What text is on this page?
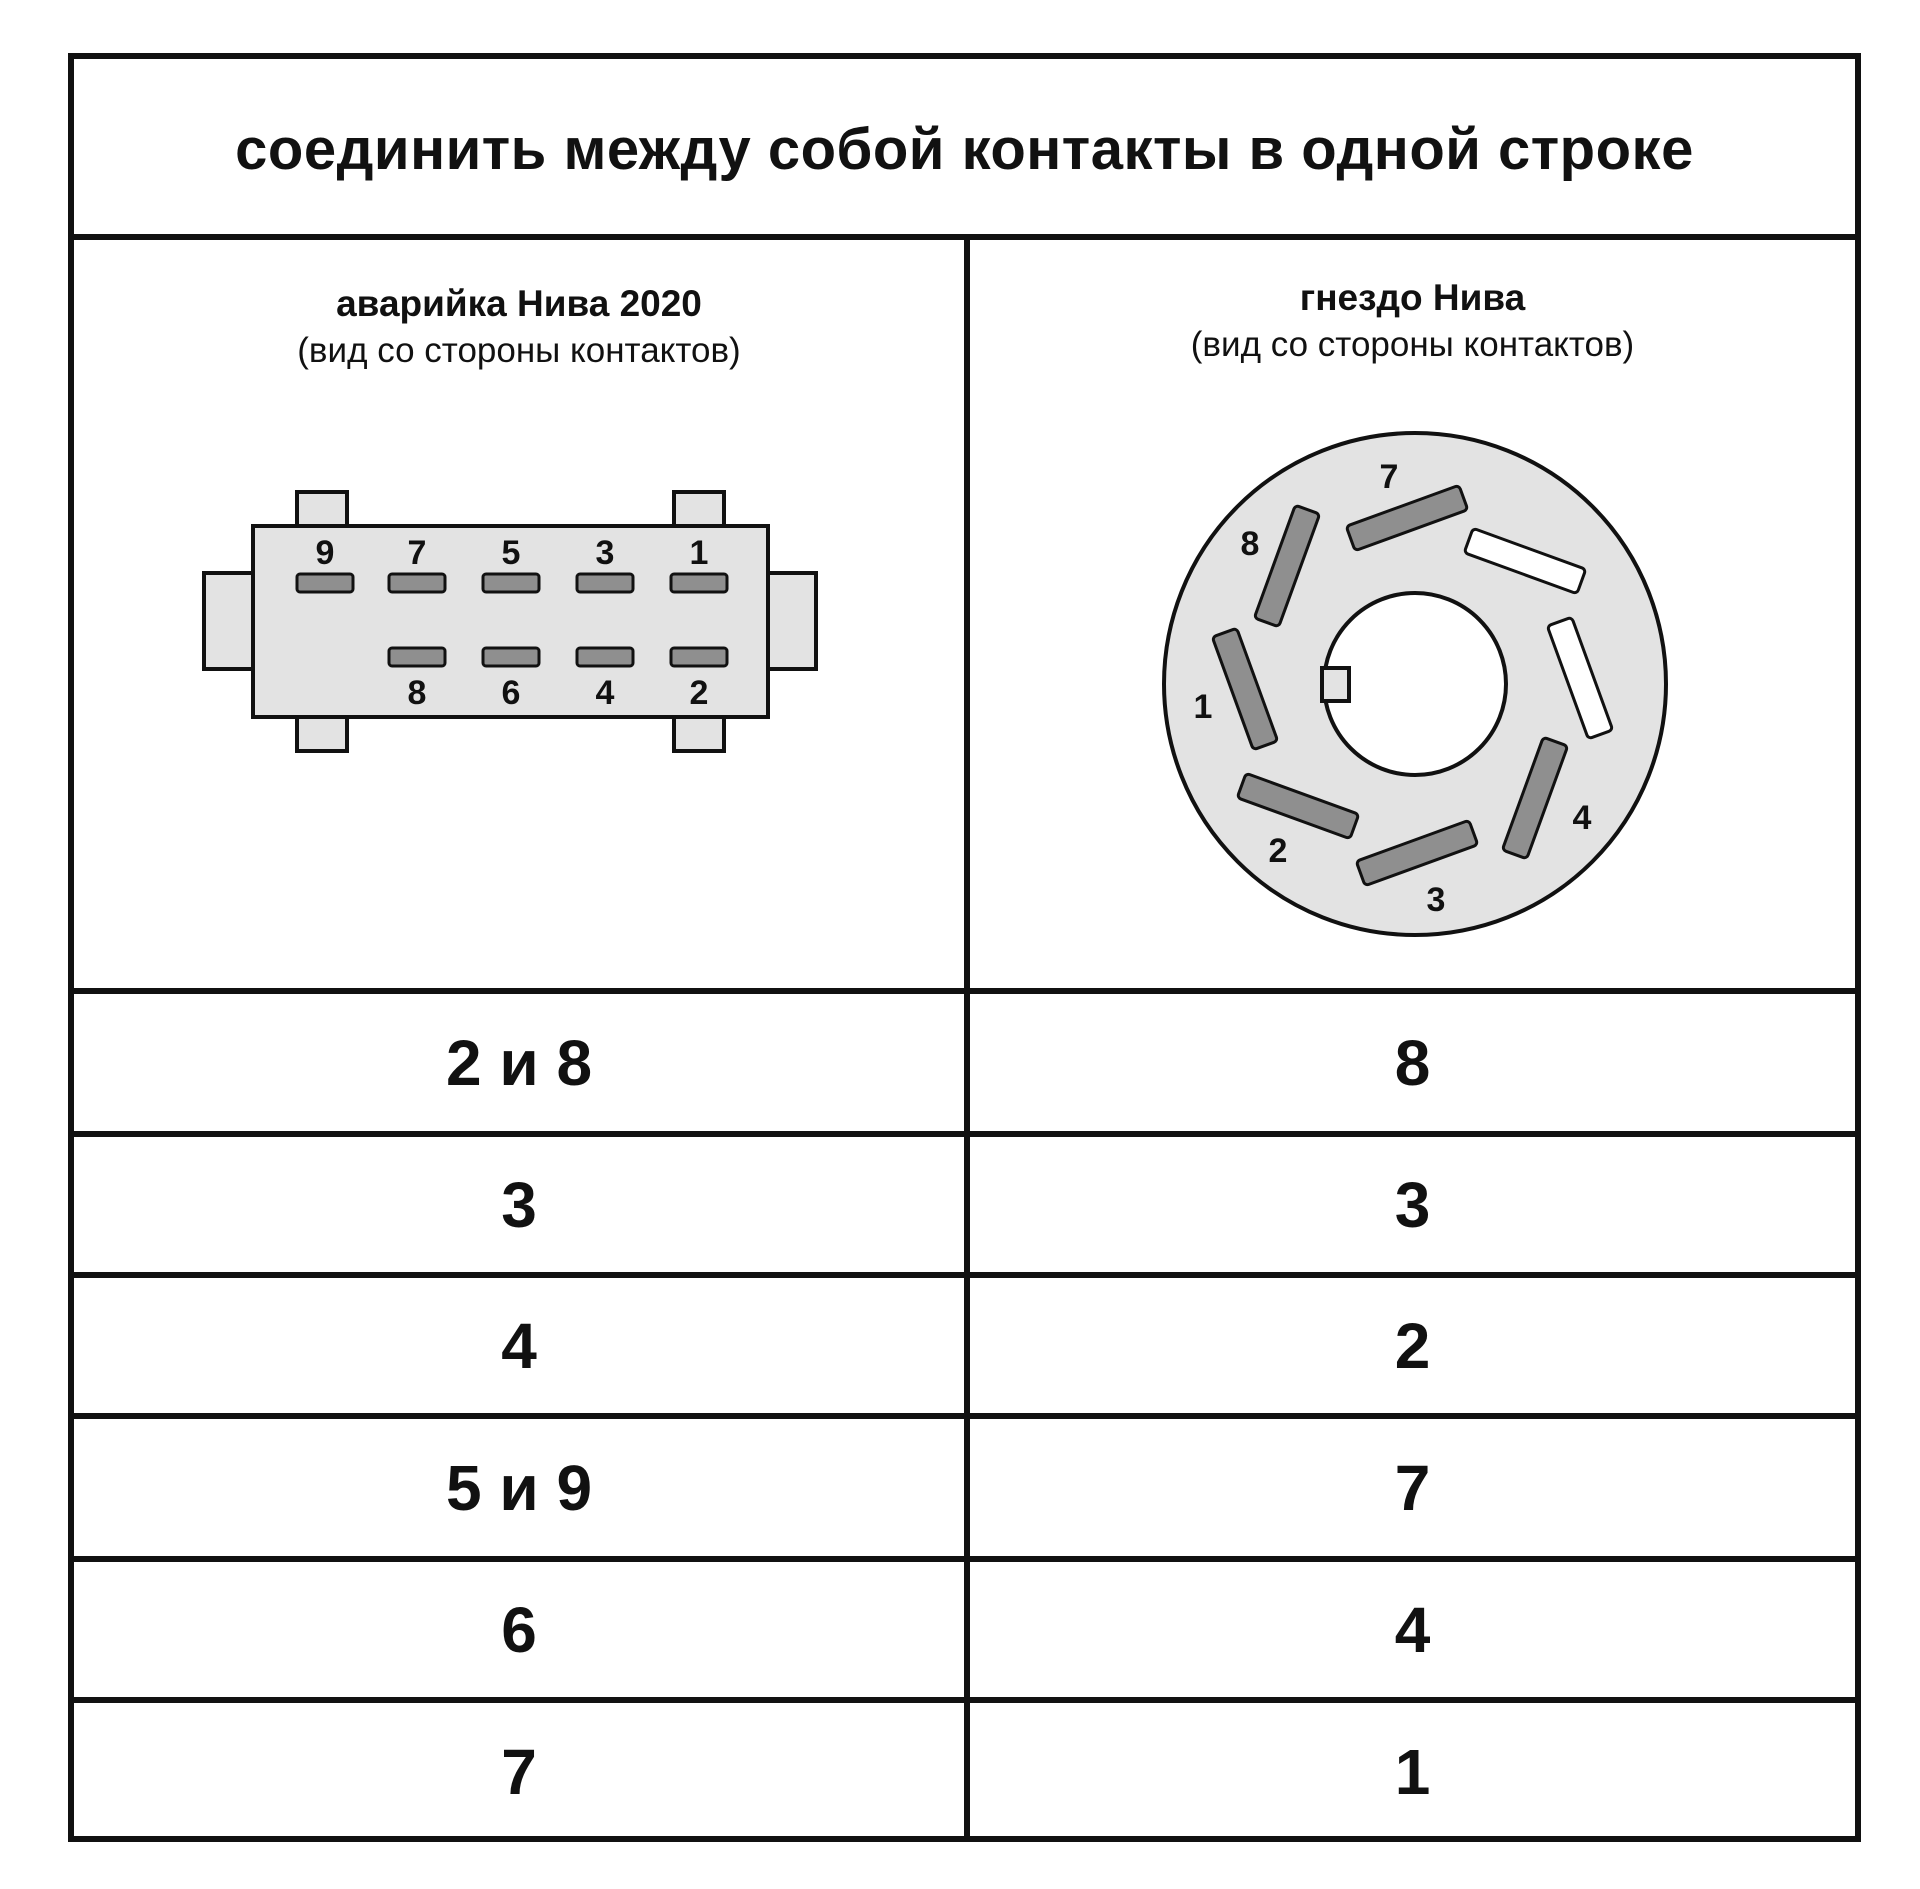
соединить между собой контакты в одной строке
аварийка Нива 2020
(вид со стороны контактов)
гнездо Нива
(вид со стороны контактов)
9 7 5 3 1
8 6 4 2
7
8
1
2
3
4
2 и 8	8
3	3
4	2
5 и 9	7
6	4
7	1
